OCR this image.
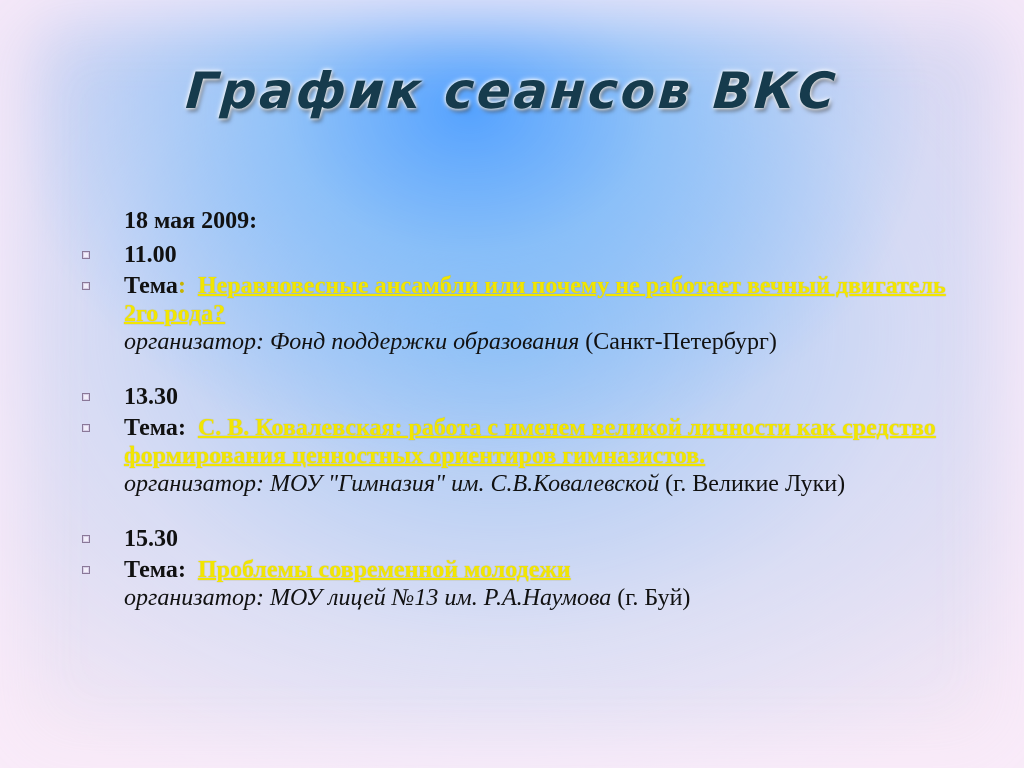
График сеансов ВКС
18 мая 2009:
11.00
Тема: Неравновесные ансамбли или почему не работает вечный двигатель 2го рода?
организатор: Фонд поддержки образования (Санкт-Петербург)
13.30
Тема: С. В. Ковалевская: работа с именем великой личности как средство формирования ценностных ориентиров гимназистов.
организатор: МОУ "Гимназия" им. С.В.Ковалевской (г. Великие Луки)
15.30
Тема: Проблемы современной молодежи
организатор: МОУ лицей №13 им. Р.А.Наумова (г. Буй)
